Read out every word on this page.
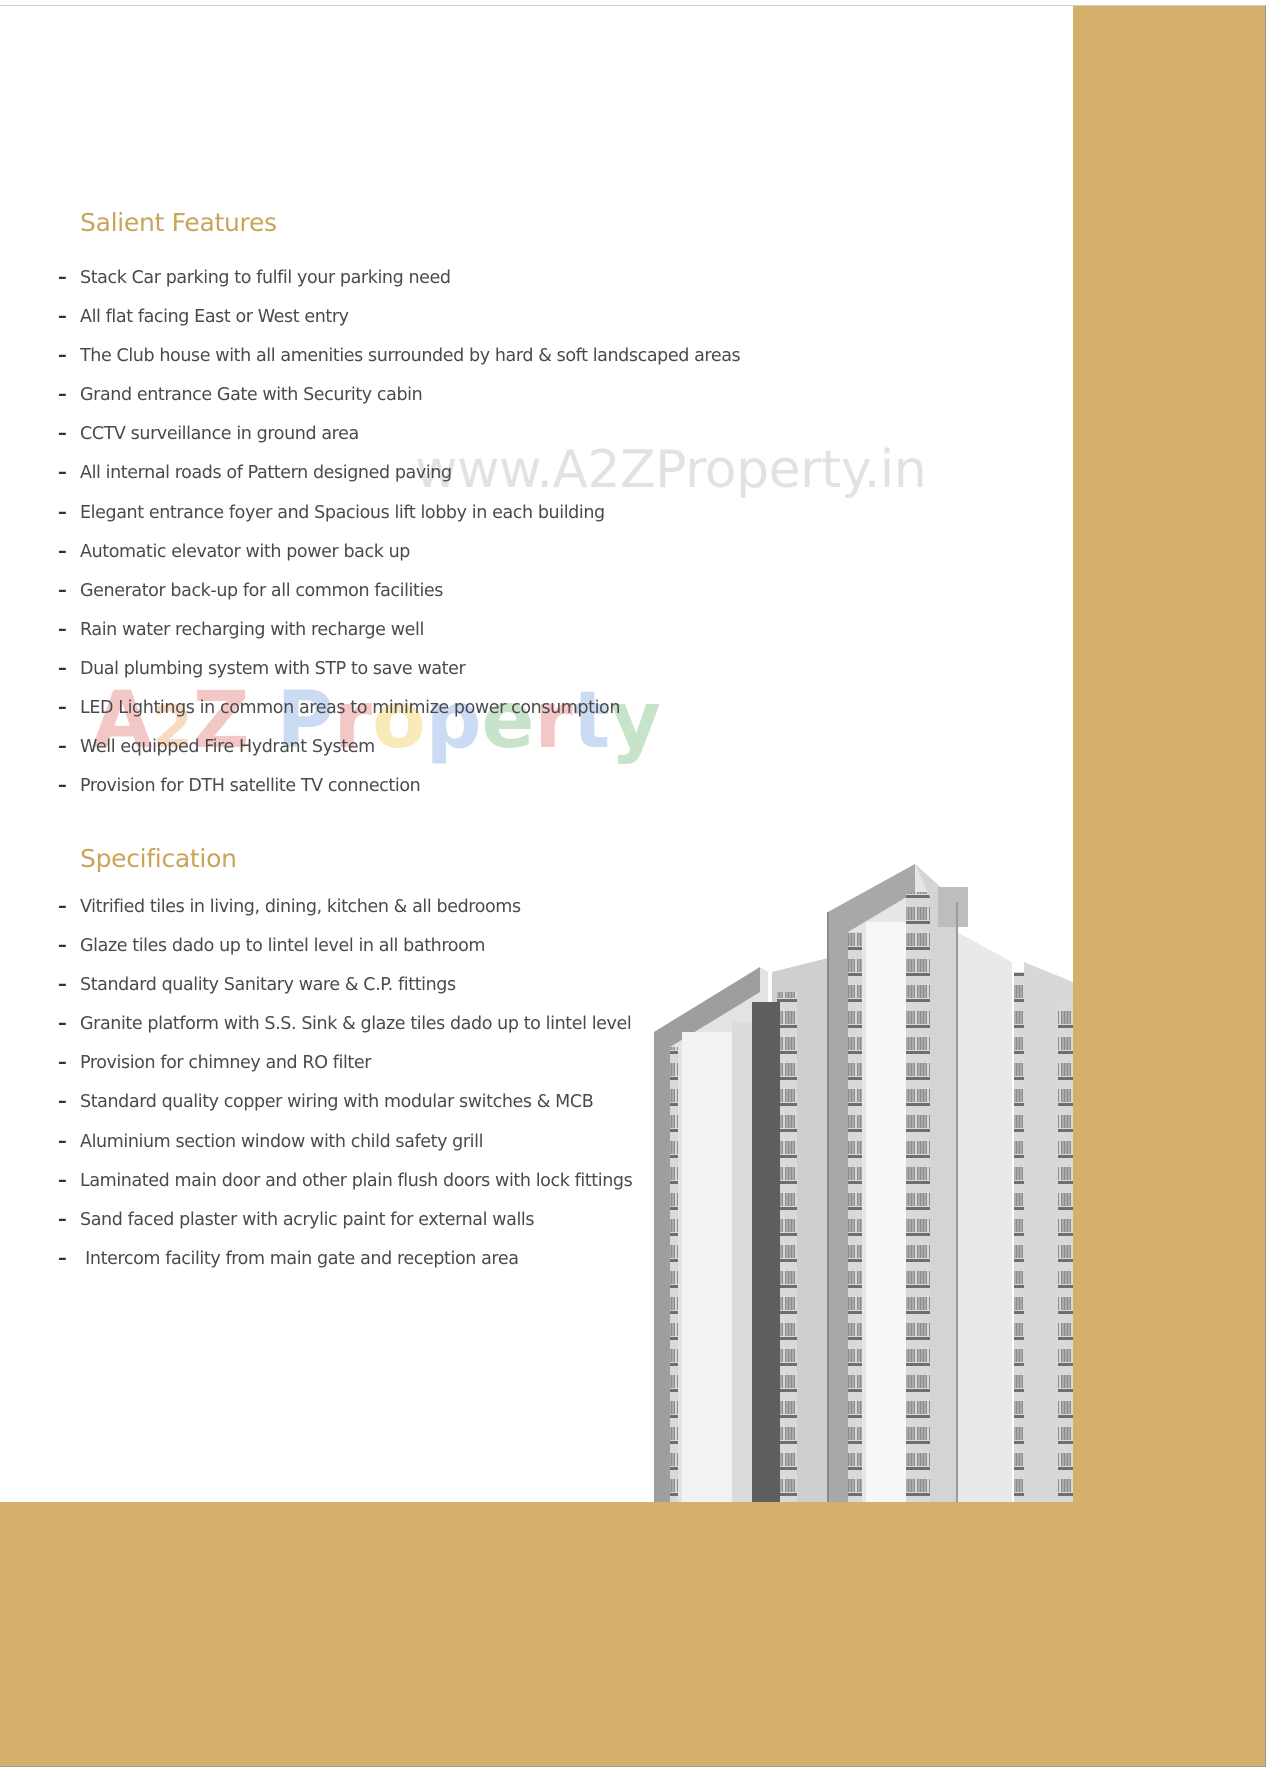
www.A2ZProperty.in
A2Z Property
Salient Features
– Stack Car parking to fulfil your parking need
– All flat facing East or West entry
– The Club house with all amenities surrounded by hard & soft landscaped areas
– Grand entrance Gate with Security cabin
– CCTV surveillance in ground area
– All internal roads of Pattern designed paving
– Elegant entrance foyer and Spacious lift lobby in each building
– Automatic elevator with power back up
– Generator back-up for all common facilities
– Rain water recharging with recharge well
– Dual plumbing system with STP to save water
– LED Lightings in common areas to minimize power consumption
– Well equipped Fire Hydrant System
– Provision for DTH satellite TV connection
Specification
– Vitrified tiles in living, dining, kitchen & all bedrooms
– Glaze tiles dado up to lintel level in all bathroom
– Standard quality Sanitary ware & C.P. fittings
– Granite platform with S.S. Sink & glaze tiles dado up to lintel level
– Provision for chimney and RO filter
– Standard quality copper wiring with modular switches & MCB
– Aluminium section window with child safety grill
– Laminated main door and other plain flush doors with lock fittings
– Sand faced plaster with acrylic paint for external walls
– Intercom facility from main gate and reception area
